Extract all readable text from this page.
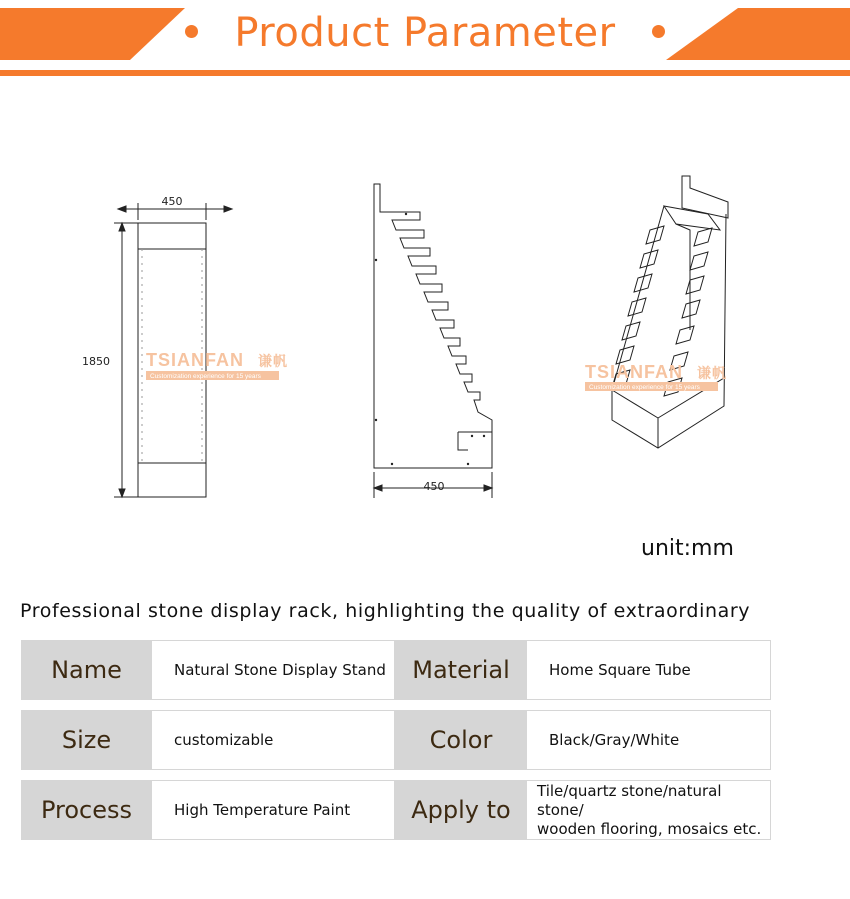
Product Parameter
450
1850 TSIANFAN 谦帆
Customization experience for 15 years
450
TSIANFAN 谦帆
Customization experience for 15 years
unit:mm
Professional stone display rack, highlighting the quality of extraordinary
Name	Natural Stone Display Stand	Material	Home Square Tube
Size	customizable	Color	Black/Gray/White
Process	High Temperature Paint	Apply to
Tile/quartz stone/natural stone/
wooden flooring, mosaics etc.
